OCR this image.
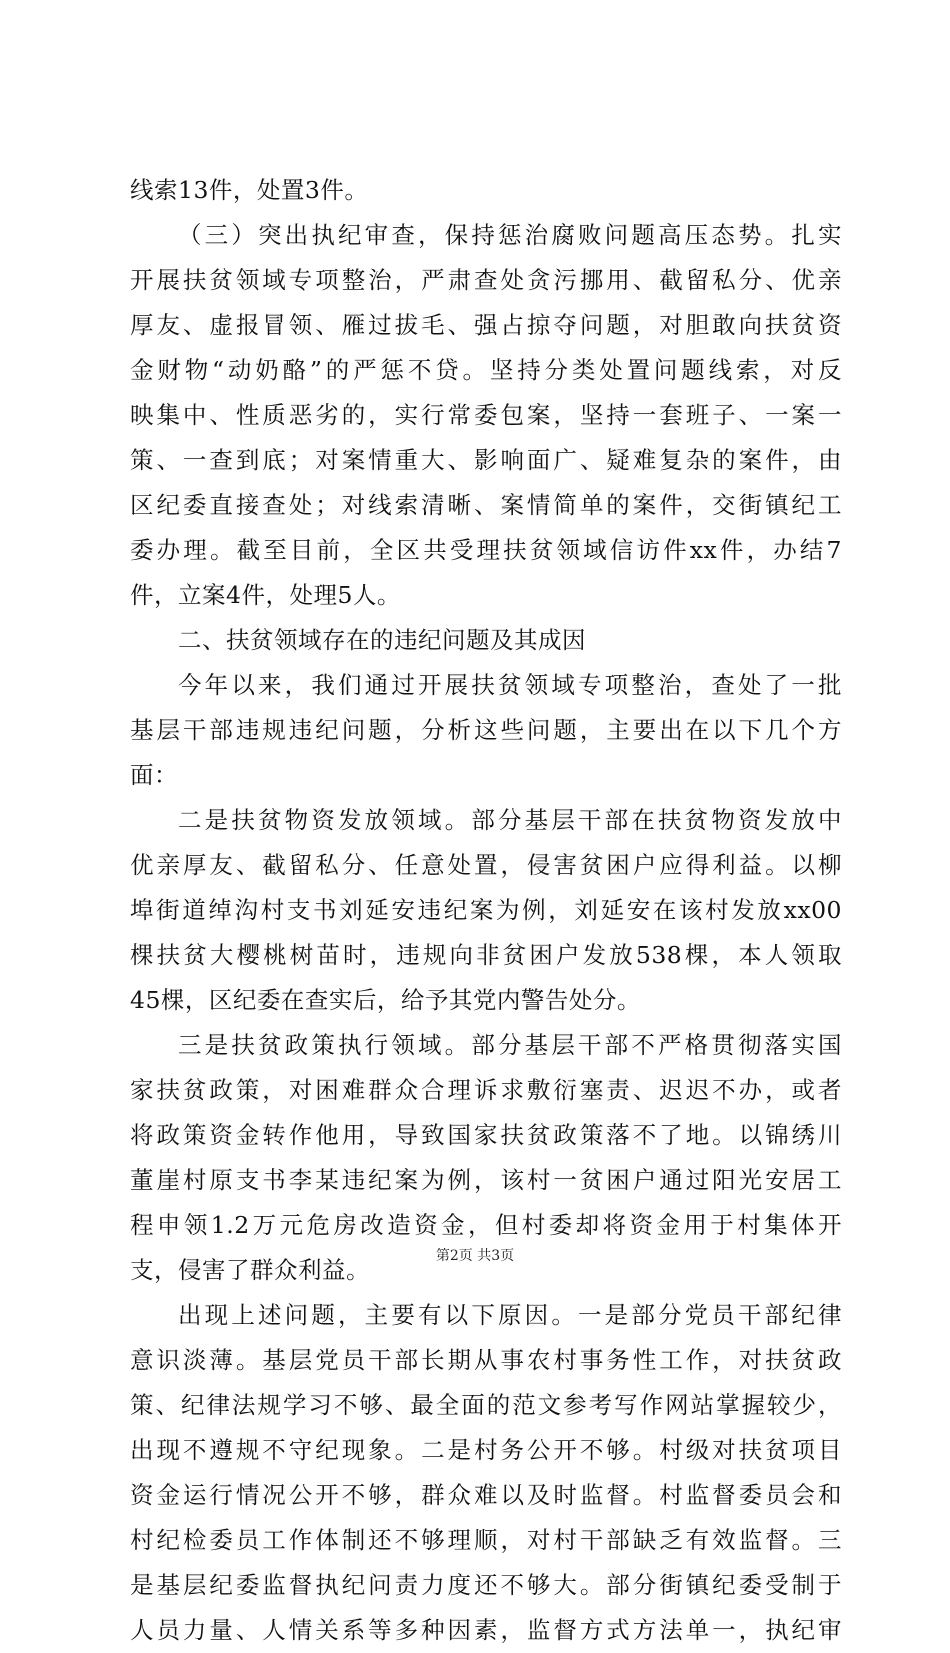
线索13件，处置3件。
（三）突出执纪审查，保持惩治腐败问题高压态势。扎实
开展扶贫领域专项整治，严肃查处贪污挪用、截留私分、优亲
厚友、虚报冒领、雁过拔毛、强占掠夺问题，对胆敢向扶贫资
金财物“动奶酪”的严惩不贷。坚持分类处置问题线索，对反
映集中、性质恶劣的，实行常委包案，坚持一套班子、一案一
策、一查到底；对案情重大、影响面广、疑难复杂的案件，由
区纪委直接查处；对线索清晰、案情简单的案件，交街镇纪工
委办理。截至目前，全区共受理扶贫领域信访件xx件，办结7
件，立案4件，处理5人。
二、扶贫领域存在的违纪问题及其成因
今年以来，我们通过开展扶贫领域专项整治，查处了一批
基层干部违规违纪问题，分析这些问题，主要出在以下几个方
面：
二是扶贫物资发放领域。部分基层干部在扶贫物资发放中
优亲厚友、截留私分、任意处置，侵害贫困户应得利益。以柳
埠街道绰沟村支书刘延安违纪案为例，刘延安在该村发放xx00
棵扶贫大樱桃树苗时，违规向非贫困户发放538棵，本人领取
45棵，区纪委在查实后，给予其党内警告处分。
三是扶贫政策执行领域。部分基层干部不严格贯彻落实国
家扶贫政策，对困难群众合理诉求敷衍塞责、迟迟不办，或者
将政策资金转作他用，导致国家扶贫政策落不了地。以锦绣川
董崖村原支书李某违纪案为例，该村一贫困户通过阳光安居工
程申领1.2万元危房改造资金，但村委却将资金用于村集体开
支，侵害了群众利益。
出现上述问题，主要有以下原因。一是部分党员干部纪律
意识淡薄。基层党员干部长期从事农村事务性工作，对扶贫政
策、纪律法规学习不够、最全面的范文参考写作网站掌握较少，
出现不遵规不守纪现象。二是村务公开不够。村级对扶贫项目
资金运行情况公开不够，群众难以及时监督。村监督委员会和
村纪检委员工作体制还不够理顺，对村干部缺乏有效监督。三
是基层纪委监督执纪问责力度还不够大。部分街镇纪委受制于
人员力量、人情关系等多种因素，监督方式方法单一，执纪审
第2页 共3页
